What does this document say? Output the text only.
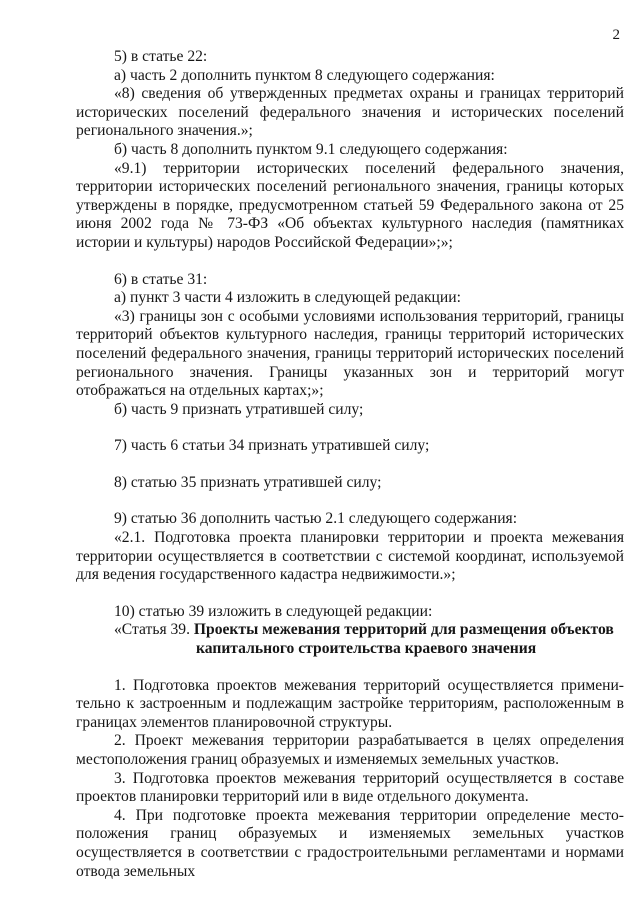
2

5) в статье 22:

а) часть 2 дополнить пунктом 8 следующего содержания:

«8) сведения об утвержденных предметах охраны и границах территорий исторических поселений федерального значения и исторических поселений регионального значения.»;

б) часть 8 дополнить пунктом 9.1 следующего содержания:

«9.1) территории исторических поселений федерального значения, территории исторических поселений регионального значения, границы которых утверждены в порядке, предусмотренном статьей 59 Федерального закона от 25 июня 2002 года № 73-ФЗ «Об объектах культурного наследия (памятниках истории и культуры) народов Российской Федерации»;»;

6) в статье 31:

а) пункт 3 части 4 изложить в следующей редакции:

«3) границы зон с особыми условиями использования территорий, границы территорий объектов культурного наследия, границы территорий исторических поселений федерального значения, границы территорий исторических поселений регионального значения. Границы указанных зон и территорий могут отображаться на отдельных картах;»;

б) часть 9 признать утратившей силу;

7) часть 6 статьи 34 признать утратившей силу;

8) статью 35 признать утратившей силу;

9) статью 36 дополнить частью 2.1 следующего содержания:

«2.1. Подготовка проекта планировки территории и проекта межевания территории осуществляется в соответствии с системой координат, используемой для ведения государственного кадастра недвижимости.»;

10) статью 39 изложить в следующей редакции:

«Статья 39. Проекты межевания территорий для размещения объектов

капитального строительства краевого значения

1. Подготовка проектов межевания территорий осуществляется примени-тельно к застроенным и подлежащим застройке территориям, расположенным в границах элементов планировочной структуры.

2. Проект межевания территории разрабатывается в целях определения местоположения границ образуемых и изменяемых земельных участков.

3. Подготовка проектов межевания территорий осуществляется в составе проектов планировки территорий или в виде отдельного документа.

4. При подготовке проекта межевания территории определение место-положения границ образуемых и изменяемых земельных участков осуществляется в соответствии с градостроительными регламентами и нормами отвода земельных
